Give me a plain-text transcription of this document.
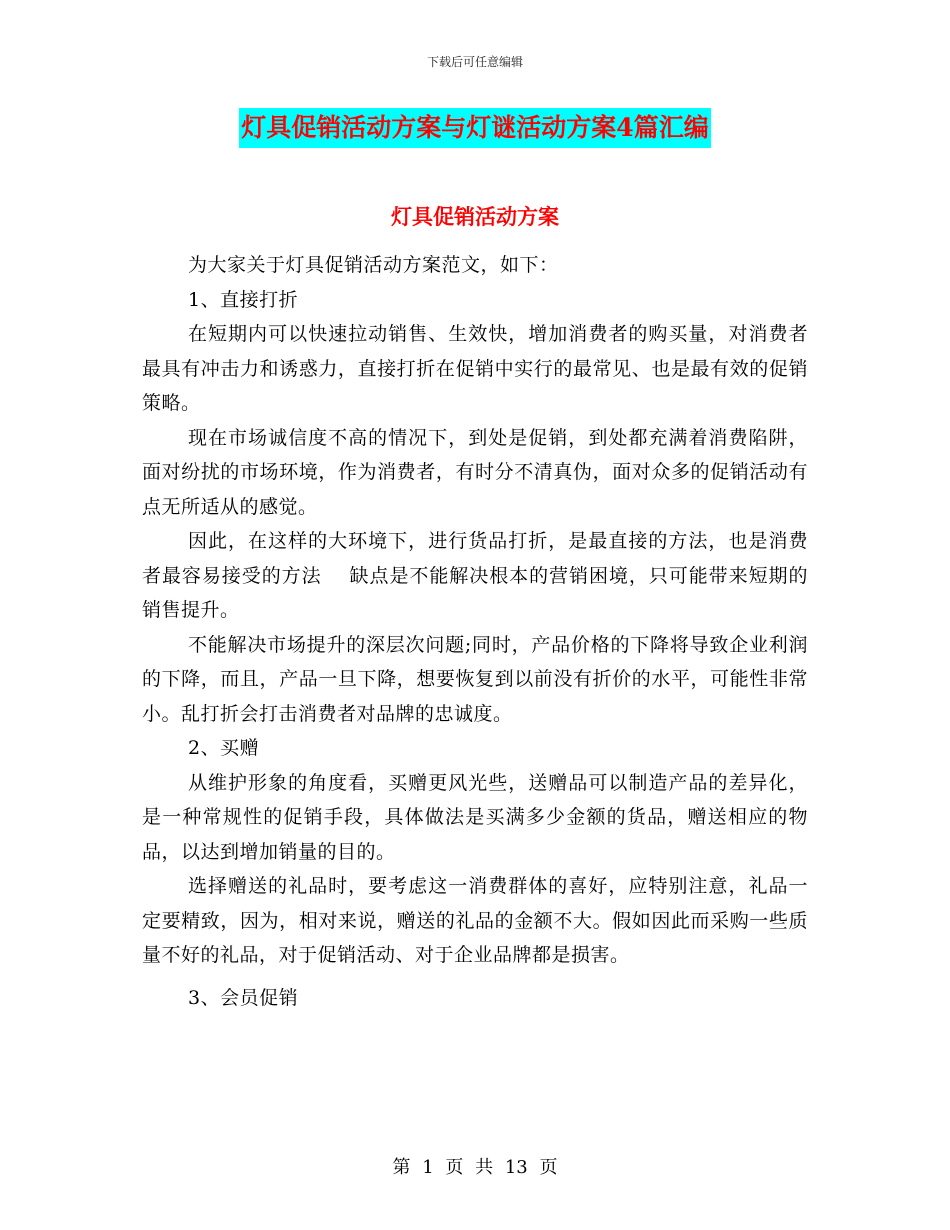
下载后可任意编辑
灯具促销活动方案与灯谜活动方案4篇汇编
灯具促销活动方案

为大家关于灯具促销活动方案范文，如下：

1、直接打折

在短期内可以快速拉动销售、生效快，增加消费者的购买量，对消费者最具有冲击力和诱惑力，直接打折在促销中实行的最常见、也是最有效的促销策略。

现在市场诚信度不高的情况下，到处是促销，到处都充满着消费陷阱，面对纷扰的市场环境，作为消费者，有时分不清真伪，面对众多的促销活动有点无所适从的感觉。

因此，在这样的大环境下，进行货品打折，是最直接的方法，也是消费者最容易接受的方法    缺点是不能解决根本的营销困境，只可能带来短期的销售提升。

不能解决市场提升的深层次问题;同时，产品价格的下降将导致企业利润的下降，而且，产品一旦下降，想要恢复到以前没有折价的水平，可能性非常小。乱打折会打击消费者对品牌的忠诚度。

2、买赠

从维护形象的角度看，买赠更风光些，送赠品可以制造产品的差异化，是一种常规性的促销手段，具体做法是买满多少金额的货品，赠送相应的物品，以达到增加销量的目的。

选择赠送的礼品时，要考虑这一消费群体的喜好，应特别注意，礼品一定要精致，因为，相对来说，赠送的礼品的金额不大。假如因此而采购一些质量不好的礼品，对于促销活动、对于企业品牌都是损害。

3、会员促销

第 1 页 共 13 页
